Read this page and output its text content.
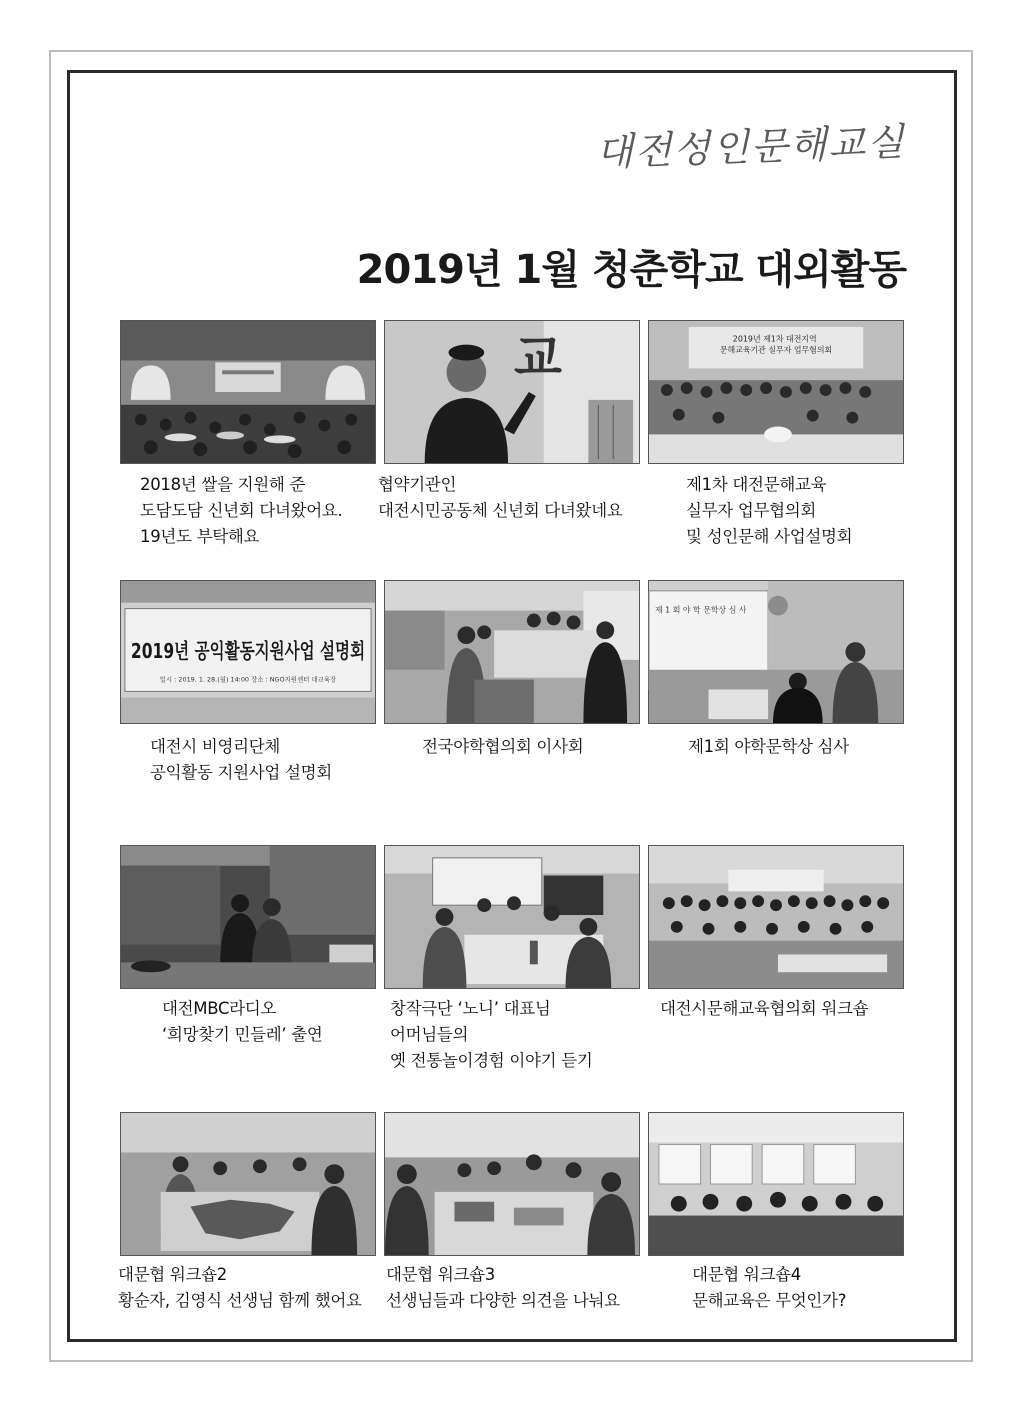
대전성인문해교실
2019년 1월 청춘학교 대외활동
2018년 쌀을 지원해 준
도담도담 신년회 다녀왔어요.
19년도 부탁해요
교
협약기관인
대전시민공동체 신년회 다녀왔네요
2019년 제1차 대전지역 문해교육기관 실무자 업무협의회
제1차 대전문해교육
실무자 업무협의회
및 성인문해 사업설명회
2019년 공익활동지원사업 설명회
일시 : 2019. 1. 28.(월) 14:00 장소 : NGO지원센터 대교육장
대전시 비영리단체
공익활동 지원사업 설명회
전국야학협의회 이사회
제 1 회 야 학 문학상 심 사
제1회 야학문학상 심사
대전MBC라디오
‘희망찾기 민들레’ 출연
창작극단 ‘노니’ 대표님
어머님들의
옛 전통놀이경험 이야기 듣기
대전시문해교육협의회 워크숍
대문협 워크숍2
황순자, 김영식 선생님 함께 했어요
대문협 워크숍3
선생님들과 다양한 의견을 나눠요
대문협 워크숍4
문해교육은 무엇인가?
